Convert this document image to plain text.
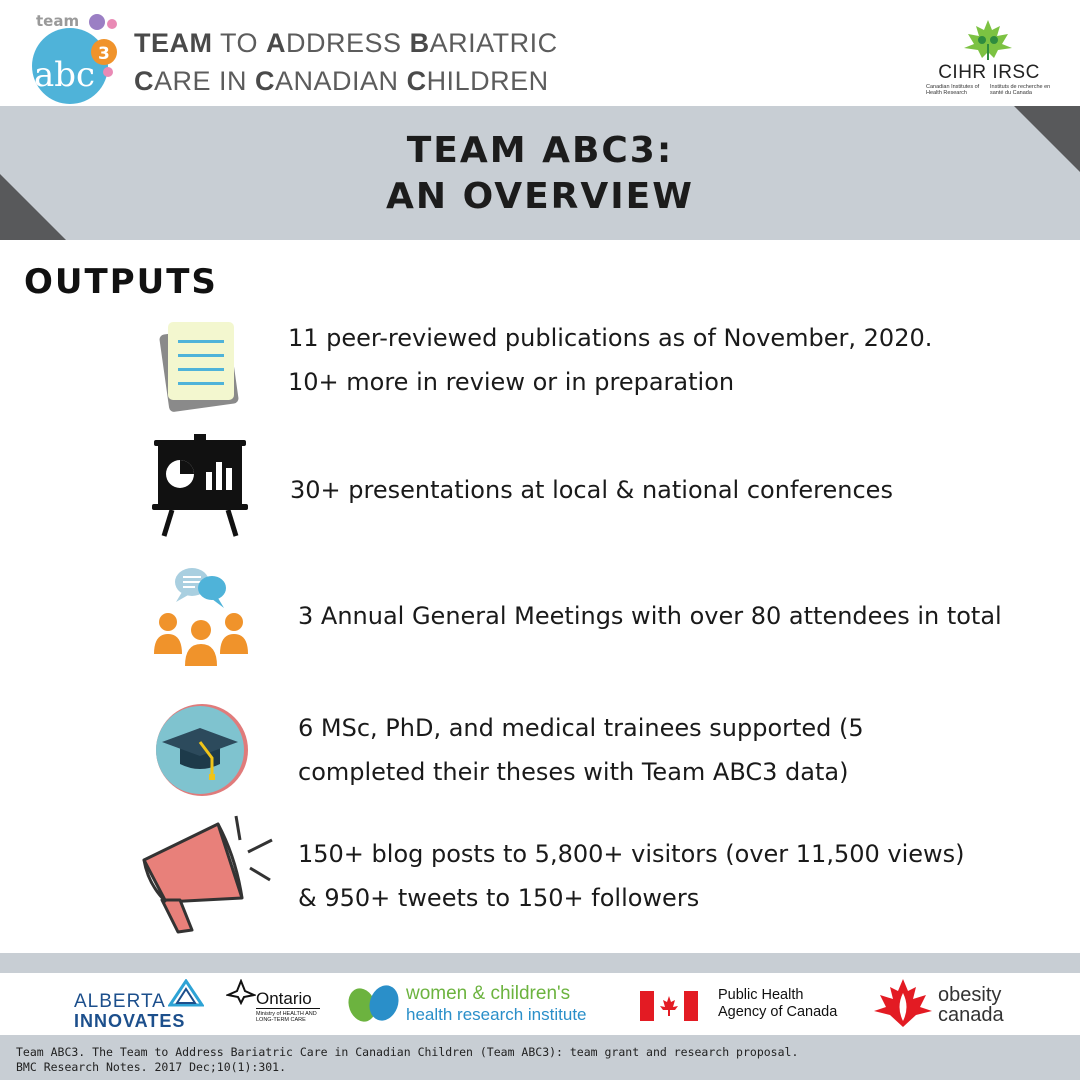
team
abc
3 TEAM TO ADDRESS BARIATRIC
CARE IN CANADIAN CHILDREN	CIHR IRSC
Canadian Institutes of Health Research
Instituts de recherche en santé du Canada
TEAM ABC3:
AN OVERVIEW
OUTPUTS
11 peer-reviewed publications as of November, 2020.
10+ more in review or in preparation
30+ presentations at local & national conferences
3 Annual General Meetings with over 80 attendees in total
6 MSc, PhD, and medical trainees supported (5
completed their theses with Team ABC3 data)
150+ blog posts to 5,800+ visitors (over 11,500 views)
& 950+ tweets to 150+ followers
ALBERTA
INNOVATES
Ontario
Ministry of HEALTH AND LONG-TERM CARE
women & children's
health research institute
Public Health
Agency of Canada
obesity
canada
Team ABC3. The Team to Address Bariatric Care in Canadian Children (Team ABC3): team grant and research proposal.
BMC Research Notes. 2017 Dec;10(1):301.
